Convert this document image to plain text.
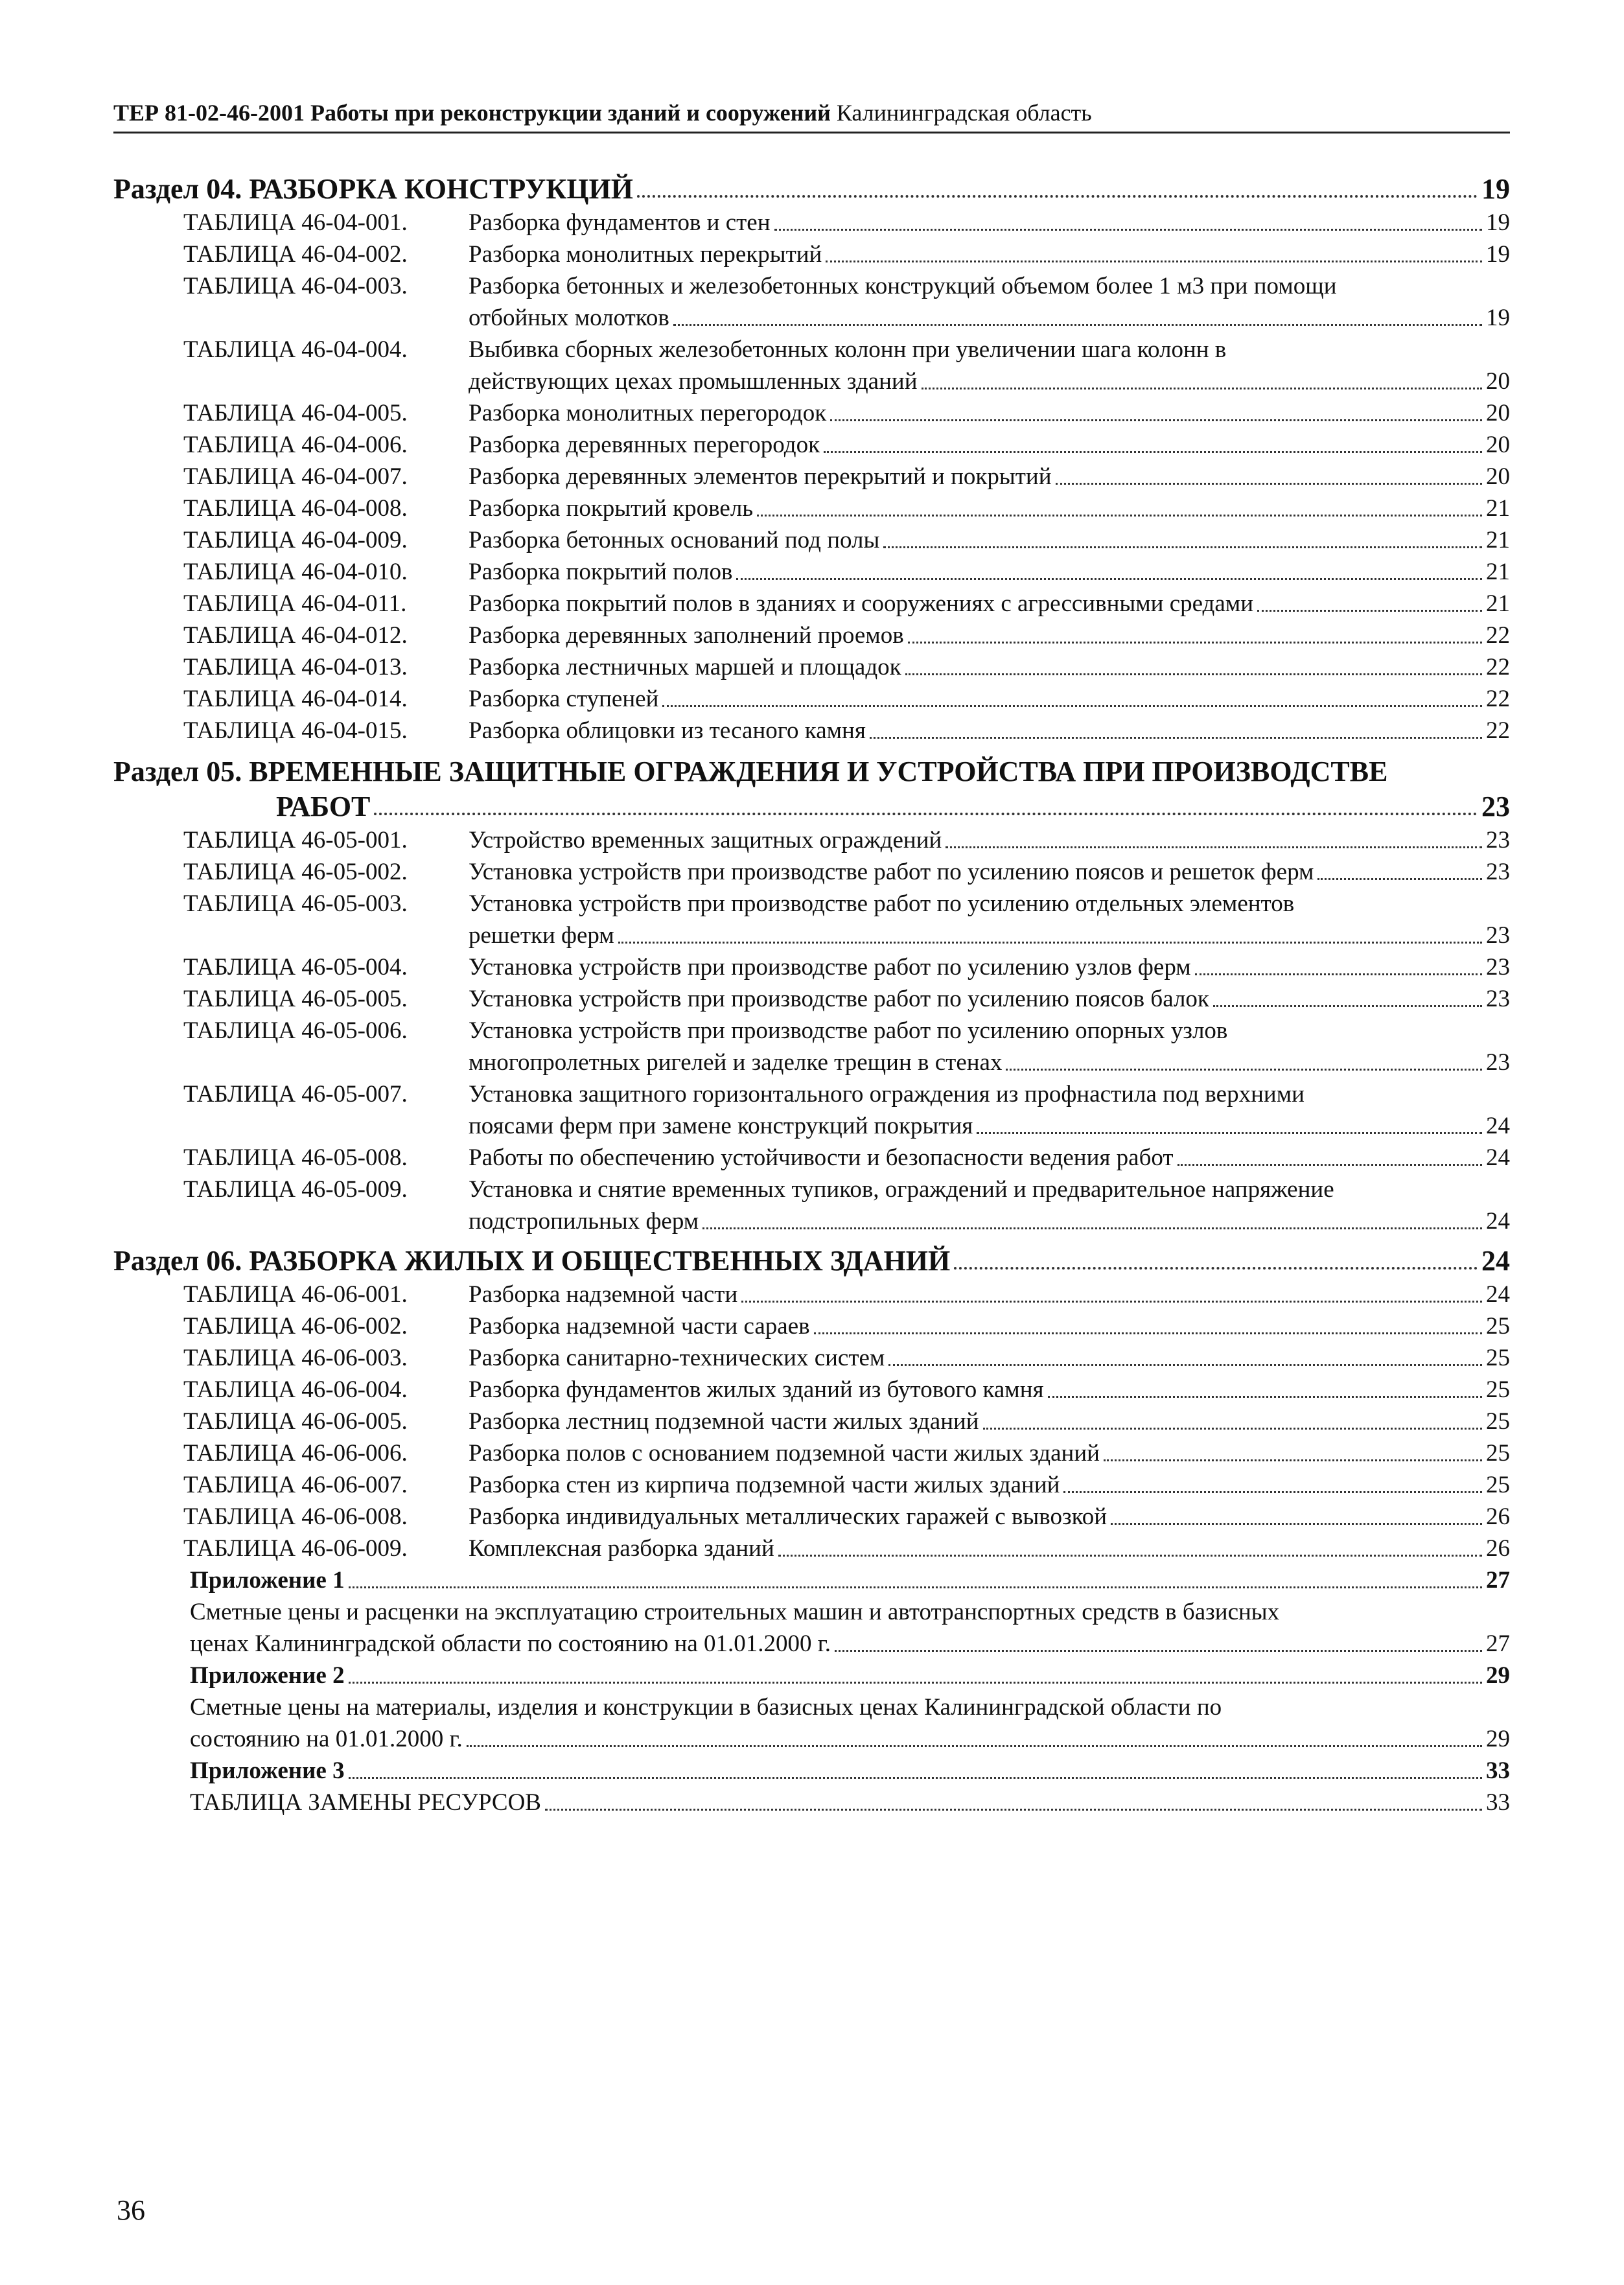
ТЕР 81-02-46-2001 Работы при реконструкции зданий и сооружений Калининградская область
Раздел 04. РАЗБОРКА КОНСТРУКЦИЙ	19
ТАБЛИЦА 46-04-001.	Разборка фундаментов и стен	19
ТАБЛИЦА 46-04-002.	Разборка монолитных перекрытий	19
ТАБЛИЦА 46-04-003.	Разборка бетонных и железобетонных конструкций объемом более 1 м3 при помощи
отбойных молотков	19
ТАБЛИЦА 46-04-004.	Выбивка сборных железобетонных колонн при увеличении шага колонн в
действующих цехах промышленных зданий	20
ТАБЛИЦА 46-04-005.	Разборка монолитных перегородок	20
ТАБЛИЦА 46-04-006.	Разборка деревянных перегородок	20
ТАБЛИЦА 46-04-007.	Разборка деревянных элементов перекрытий и покрытий	20
ТАБЛИЦА 46-04-008.	Разборка покрытий кровель	21
ТАБЛИЦА 46-04-009.	Разборка бетонных оснований под полы	21
ТАБЛИЦА 46-04-010.	Разборка покрытий полов	21
ТАБЛИЦА 46-04-011.	Разборка покрытий полов в зданиях и сооружениях с агрессивными средами	21
ТАБЛИЦА 46-04-012.	Разборка деревянных заполнений проемов	22
ТАБЛИЦА 46-04-013.	Разборка лестничных маршей и площадок	22
ТАБЛИЦА 46-04-014.	Разборка ступеней	22
ТАБЛИЦА 46-04-015.	Разборка облицовки из тесаного камня	22
Раздел 05. ВРЕМЕННЫЕ ЗАЩИТНЫЕ ОГРАЖДЕНИЯ И УСТРОЙСТВА ПРИ ПРОИЗВОДСТВЕ
РАБОТ	23
ТАБЛИЦА 46-05-001.	Устройство временных защитных ограждений	23
ТАБЛИЦА 46-05-002.	Установка устройств при производстве работ по усилению поясов и решеток ферм	23
ТАБЛИЦА 46-05-003.	Установка устройств при производстве работ по усилению отдельных элементов
решетки ферм	23
ТАБЛИЦА 46-05-004.	Установка устройств при производстве работ по усилению узлов ферм	23
ТАБЛИЦА 46-05-005.	Установка устройств при производстве работ по усилению поясов балок	23
ТАБЛИЦА 46-05-006.	Установка устройств при производстве работ по усилению опорных узлов
многопролетных ригелей и заделке трещин в стенах	23
ТАБЛИЦА 46-05-007.	Установка защитного горизонтального ограждения из профнастила под верхними
поясами ферм при замене конструкций покрытия	24
ТАБЛИЦА 46-05-008.	Работы по обеспечению устойчивости и безопасности ведения работ	24
ТАБЛИЦА 46-05-009.	Установка и снятие временных тупиков, ограждений и предварительное напряжение
подстропильных ферм	24
Раздел 06. РАЗБОРКА ЖИЛЫХ И ОБЩЕСТВЕННЫХ ЗДАНИЙ	24
ТАБЛИЦА 46-06-001.	Разборка надземной части	24
ТАБЛИЦА 46-06-002.	Разборка надземной части сараев	25
ТАБЛИЦА 46-06-003.	Разборка санитарно-технических систем	25
ТАБЛИЦА 46-06-004.	Разборка фундаментов жилых зданий из бутового камня	25
ТАБЛИЦА 46-06-005.	Разборка лестниц подземной части жилых зданий	25
ТАБЛИЦА 46-06-006.	Разборка полов с основанием подземной части жилых зданий	25
ТАБЛИЦА 46-06-007.	Разборка стен из кирпича подземной части жилых зданий	25
ТАБЛИЦА 46-06-008.	Разборка индивидуальных металлических гаражей с вывозкой	26
ТАБЛИЦА 46-06-009.	Комплексная разборка зданий	26
Приложение 1	27
Сметные цены и расценки на эксплуатацию строительных машин и автотранспортных средств в базисных
ценах Калининградской области по состоянию на 01.01.2000 г.	27
Приложение 2	29
Сметные цены на материалы, изделия и конструкции в базисных ценах Калининградской области по
состоянию на 01.01.2000 г.	29
Приложение 3	33
ТАБЛИЦА ЗАМЕНЫ РЕСУРСОВ	33
36
